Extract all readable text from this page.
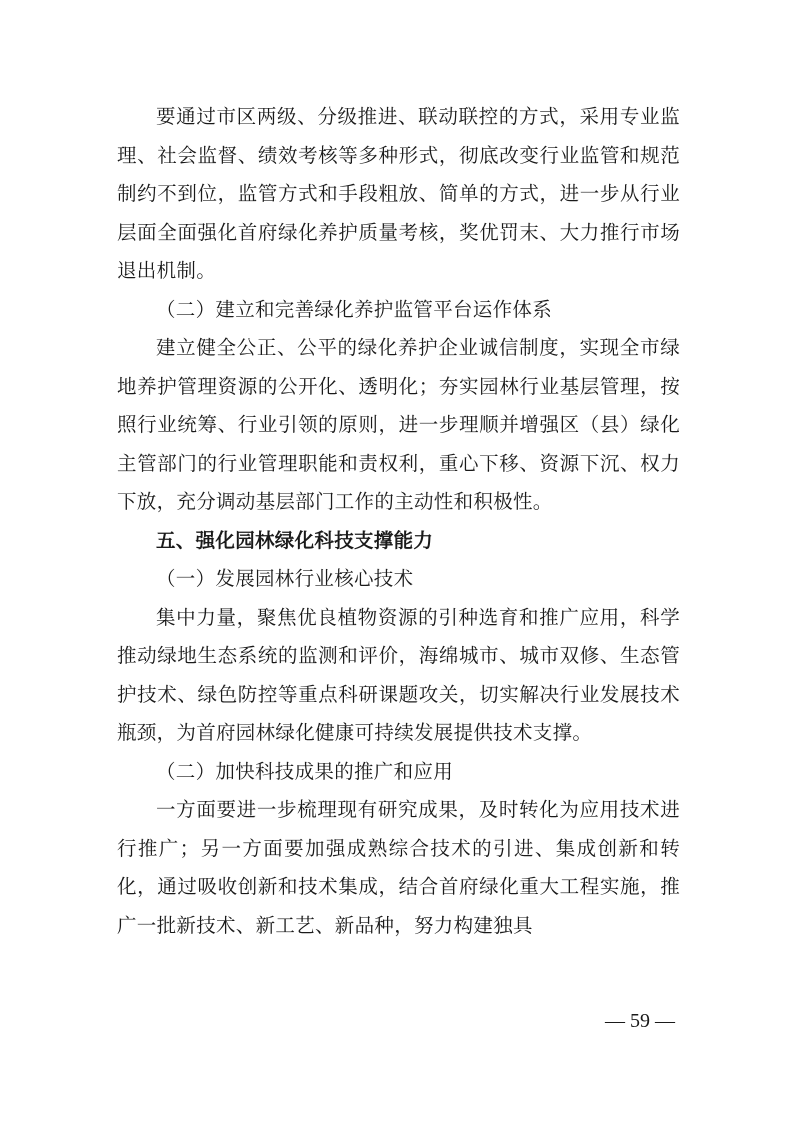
要通过市区两级、分级推进、联动联控的方式，采用专业监理、社会监督、绩效考核等多种形式，彻底改变行业监管和规范制约不到位，监管方式和手段粗放、简单的方式，进一步从行业层面全面强化首府绿化养护质量考核，奖优罚末、大力推行市场退出机制。

（二）建立和完善绿化养护监管平台运作体系

建立健全公正、公平的绿化养护企业诚信制度，实现全市绿地养护管理资源的公开化、透明化；夯实园林行业基层管理，按照行业统筹、行业引领的原则，进一步理顺并增强区（县）绿化主管部门的行业管理职能和责权利，重心下移、资源下沉、权力下放，充分调动基层部门工作的主动性和积极性。

五、强化园林绿化科技支撑能力

（一）发展园林行业核心技术

集中力量，聚焦优良植物资源的引种选育和推广应用，科学推动绿地生态系统的监测和评价，海绵城市、城市双修、生态管护技术、绿色防控等重点科研课题攻关，切实解决行业发展技术瓶颈，为首府园林绿化健康可持续发展提供技术支撑。

（二）加快科技成果的推广和应用

一方面要进一步梳理现有研究成果，及时转化为应用技术进行推广；另一方面要加强成熟综合技术的引进、集成创新和转化，通过吸收创新和技术集成，结合首府绿化重大工程实施，推广一批新技术、新工艺、新品种，努力构建独具

— 59 —
